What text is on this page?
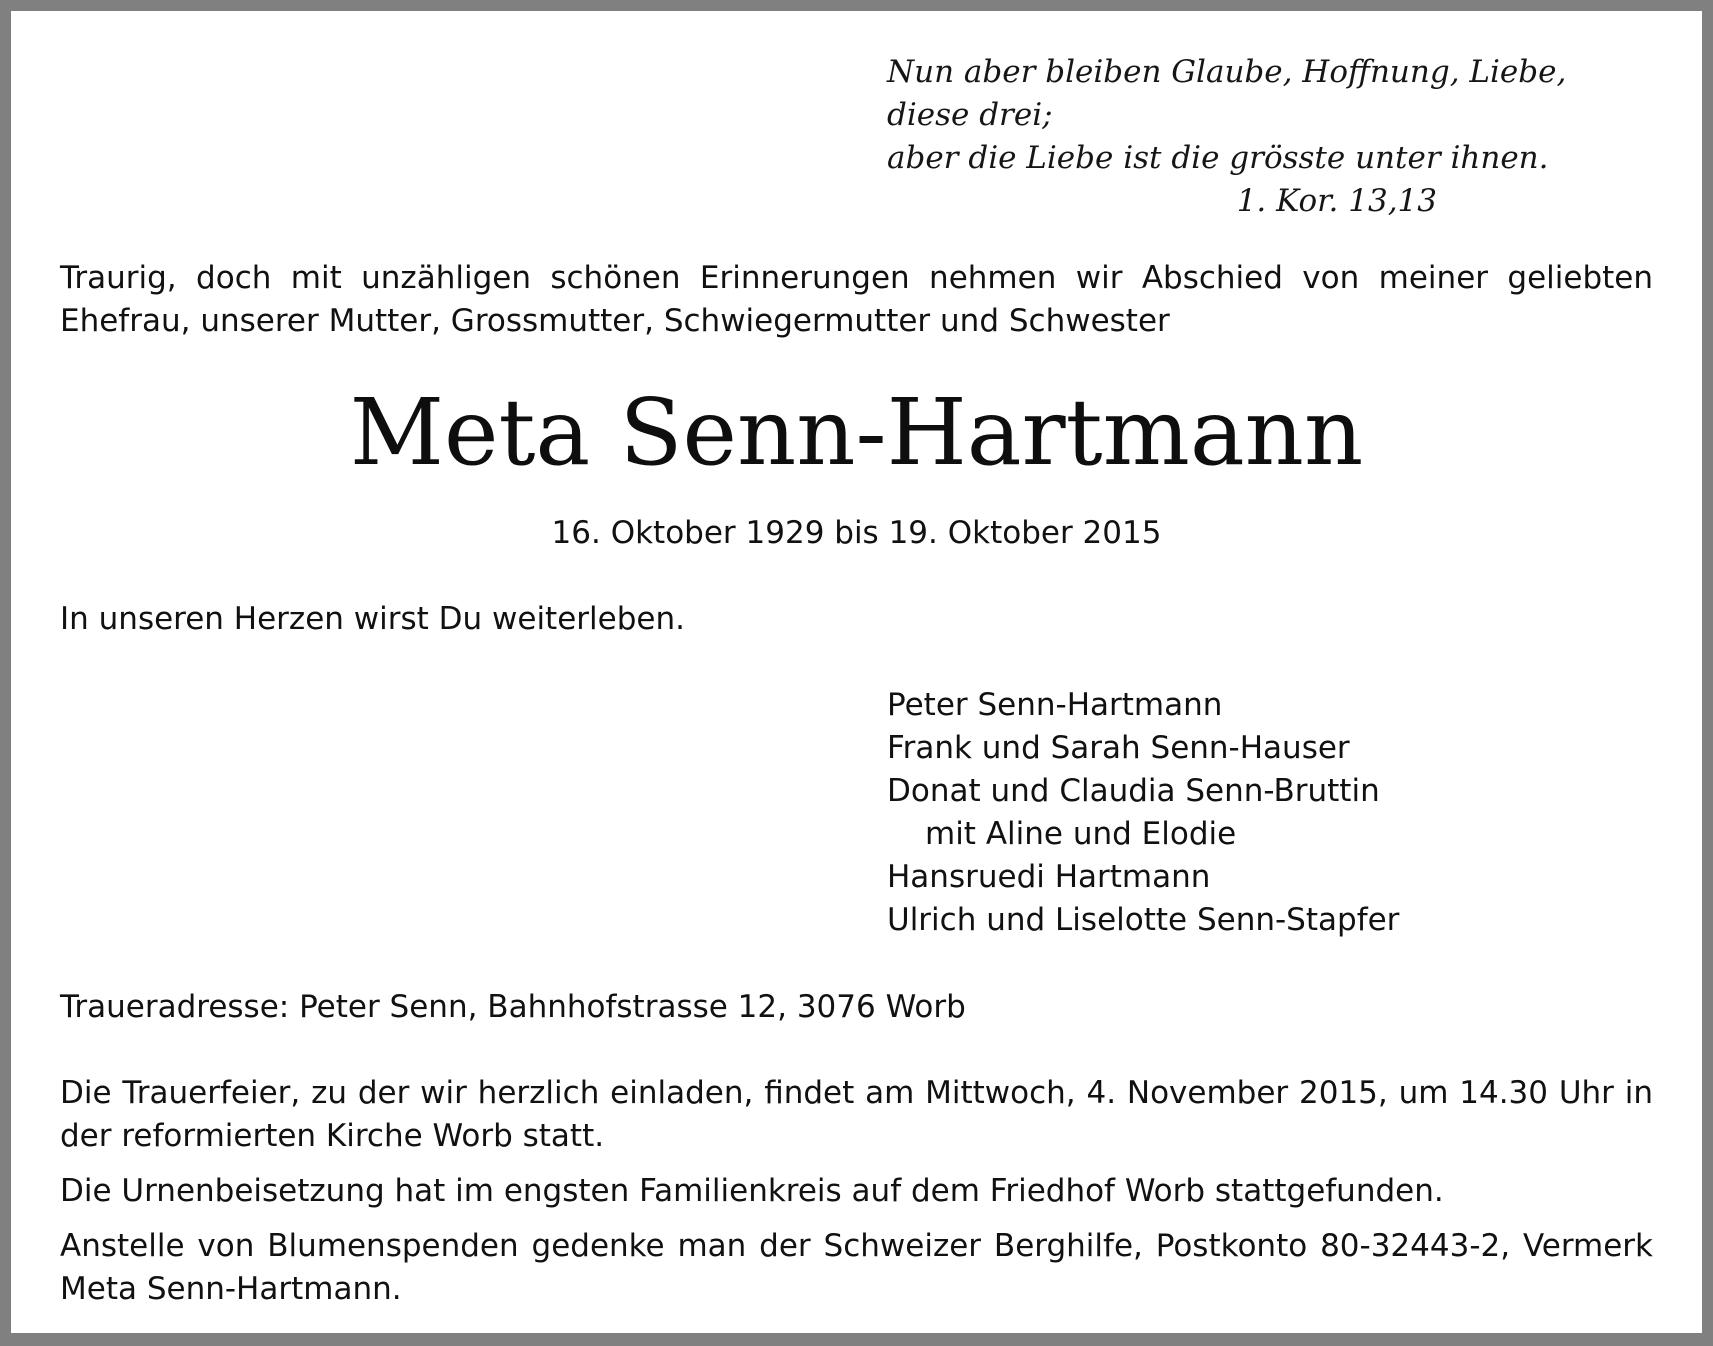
Nun aber bleiben Glaube, Hoffnung, Liebe,
diese drei;
aber die Liebe ist die grösste unter ihnen.
1. Kor. 13,13
Traurig, doch mit unzähligen schönen Erinnerungen nehmen wir Abschied von meiner geliebten Ehefrau, unserer Mutter, Grossmutter, Schwiegermutter und Schwester
Meta Senn-Hartmann
16. Oktober 1929 bis 19. Oktober 2015
In unseren Herzen wirst Du weiterleben.
Peter Senn-Hartmann
Frank und Sarah Senn-Hauser
Donat und Claudia Senn-Bruttin
mit Aline und Elodie
Hansruedi Hartmann
Ulrich und Liselotte Senn-Stapfer
Traueradresse: Peter Senn, Bahnhofstrasse 12, 3076 Worb

Die Trauerfeier, zu der wir herzlich einladen, findet am Mittwoch, 4. November 2015, um 14.30 Uhr in der reformierten Kirche Worb statt.

Die Urnenbeisetzung hat im engsten Familienkreis auf dem Friedhof Worb stattgefunden.

Anstelle von Blumenspenden gedenke man der Schweizer Berghilfe, Postkonto 80-32443-2, Vermerk Meta Senn-Hartmann.
